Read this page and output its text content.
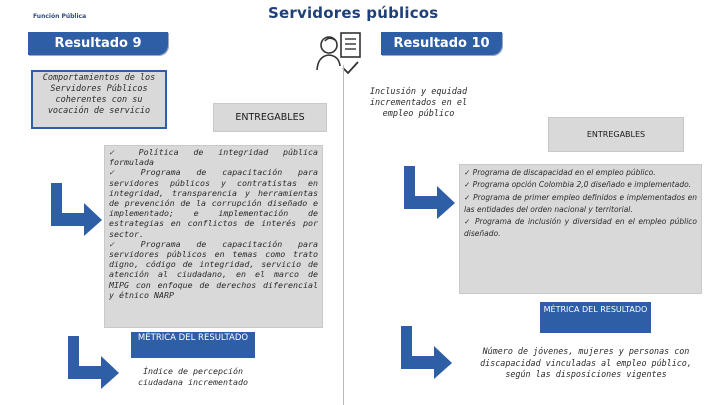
Función Pública	Servidores públicos
Resultado 9
Comportamientos de los Servidores Públicos coherentes con su vocación de servicio
ENTREGABLES
✓ Política de integridad pública formulada
✓ Programa de capacitación para servidores públicos y contratistas en integridad, transparencia y herramientas de prevención de la corrupción diseñado e implementado; e implementación de estrategias en conflictos de interés por sector.
✓ Programa de capacitación para servidores públicos en temas como trato digno, código de integridad, servicio de atención al ciudadano, en el marco de MIPG con enfoque de derechos diferencial y étnico NARP
MÉTRICA DEL RESULTADO
Índice de percepción ciudadana incrementado
Resultado 10
Inclusión y equidad incrementados en el empleo público
ENTREGABLES
✓ Programa de discapacidad en el empleo público.
✓ Programa opción Colombia 2,0 diseñado e implementado.
✓ Programa de primer empleo definidos e implementados en las entidades del orden nacional y territorial.
✓ Programa de inclusión y diversidad en el empleo público diseñado.
MÉTRICA DEL RESULTADO
Número de jóvenes, mujeres y personas con discapacidad vinculadas al empleo público, según las disposiciones vigentes
